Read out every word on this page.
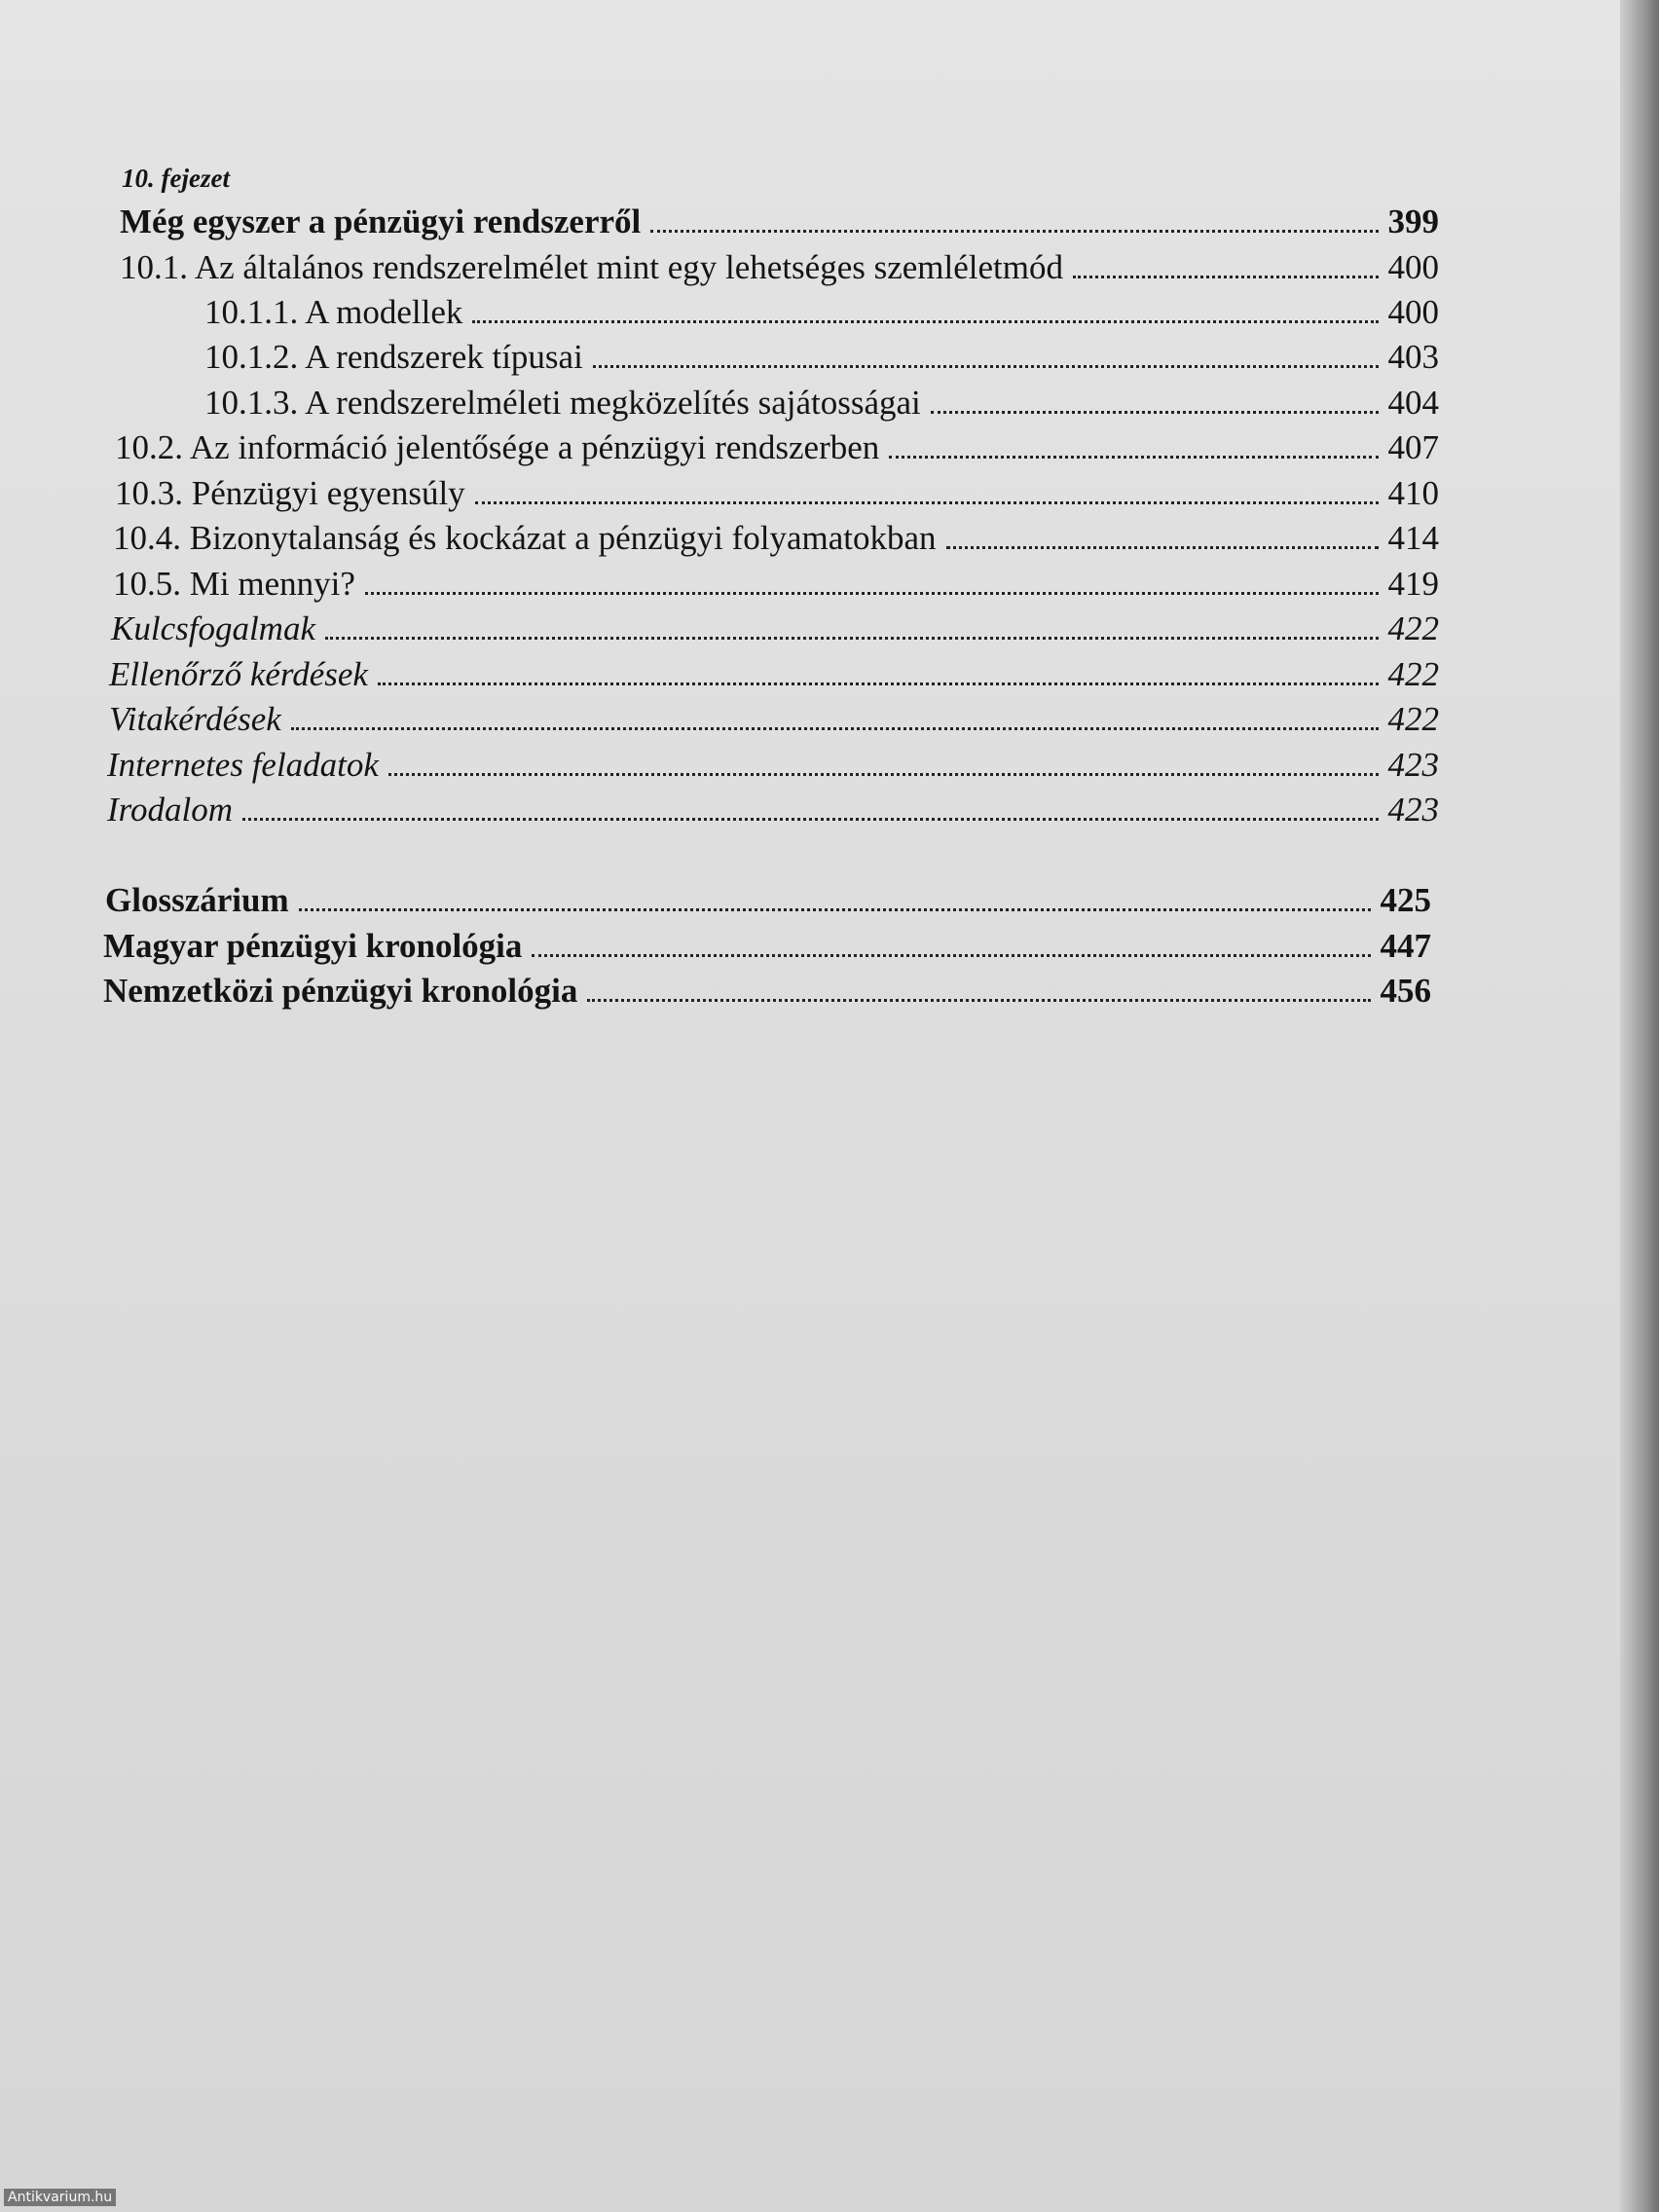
10. fejezet
Még egyszer a pénzügyi rendszerről	399
10.1. Az általános rendszerelmélet mint egy lehetséges szemléletmód	400
10.1.1. A modellek	400
10.1.2. A rendszerek típusai	403
10.1.3. A rendszerelméleti megközelítés sajátosságai	404
10.2. Az információ jelentősége a pénzügyi rendszerben	407
10.3. Pénzügyi egyensúly	410
10.4. Bizonytalanság és kockázat a pénzügyi folyamatokban	414
10.5. Mi mennyi?	419
Kulcsfogalmak	422
Ellenőrző kérdések	422
Vitakérdések	422
Internetes feladatok	423
Irodalom	423
Glosszárium	425
Magyar pénzügyi kronológia	447
Nemzetközi pénzügyi kronológia	456
Antikvarium.hu
